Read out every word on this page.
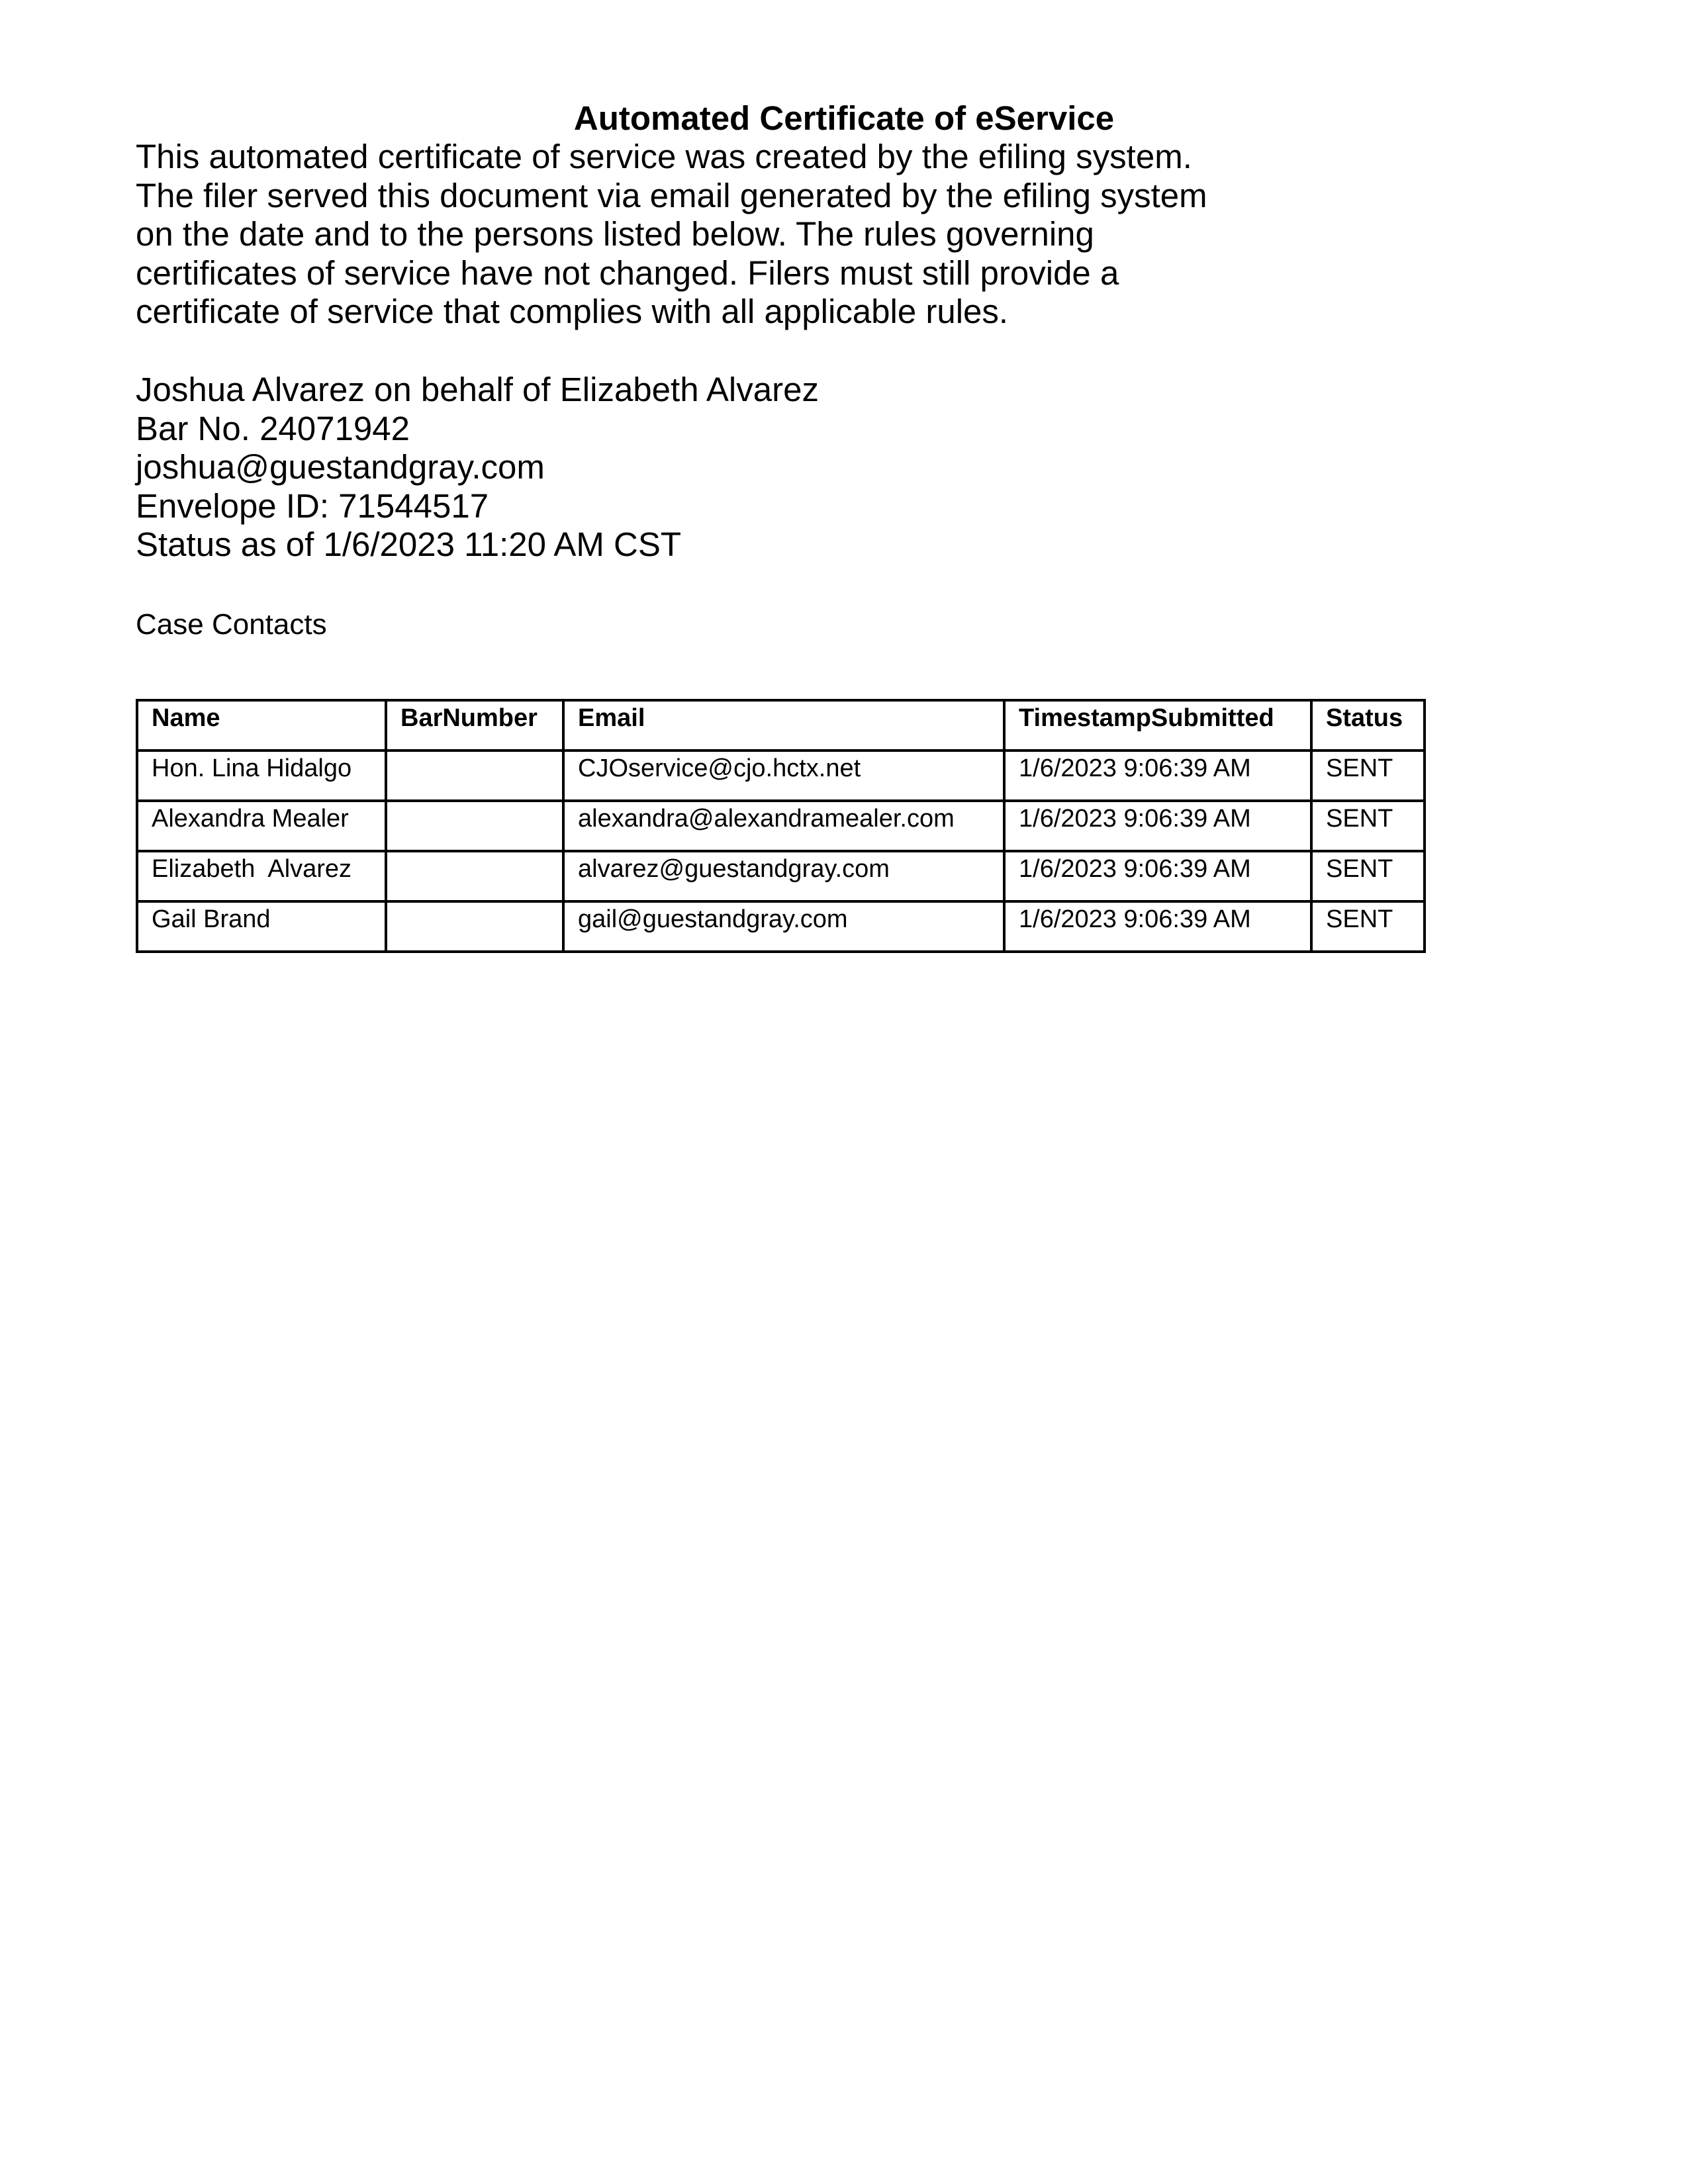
Automated Certificate of eService
This automated certificate of service was created by the efiling system.
The filer served this document via email generated by the efiling system
on the date and to the persons listed below. The rules governing
certificates of service have not changed. Filers must still provide a
certificate of service that complies with all applicable rules.
Joshua Alvarez on behalf of Elizabeth Alvarez
Bar No. 24071942
joshua@guestandgray.com
Envelope ID: 71544517
Status as of 1/6/2023 11:20 AM CST
Case Contacts
Name	BarNumber	Email	TimestampSubmitted	Status
Hon. Lina Hidalgo		CJOservice@cjo.hctx.net	1/6/2023 9:06:39 AM	SENT
Alexandra Mealer		alexandra@alexandramealer.com	1/6/2023 9:06:39 AM	SENT
Elizabeth  Alvarez		alvarez@guestandgray.com	1/6/2023 9:06:39 AM	SENT
Gail Brand		gail@guestandgray.com	1/6/2023 9:06:39 AM	SENT
